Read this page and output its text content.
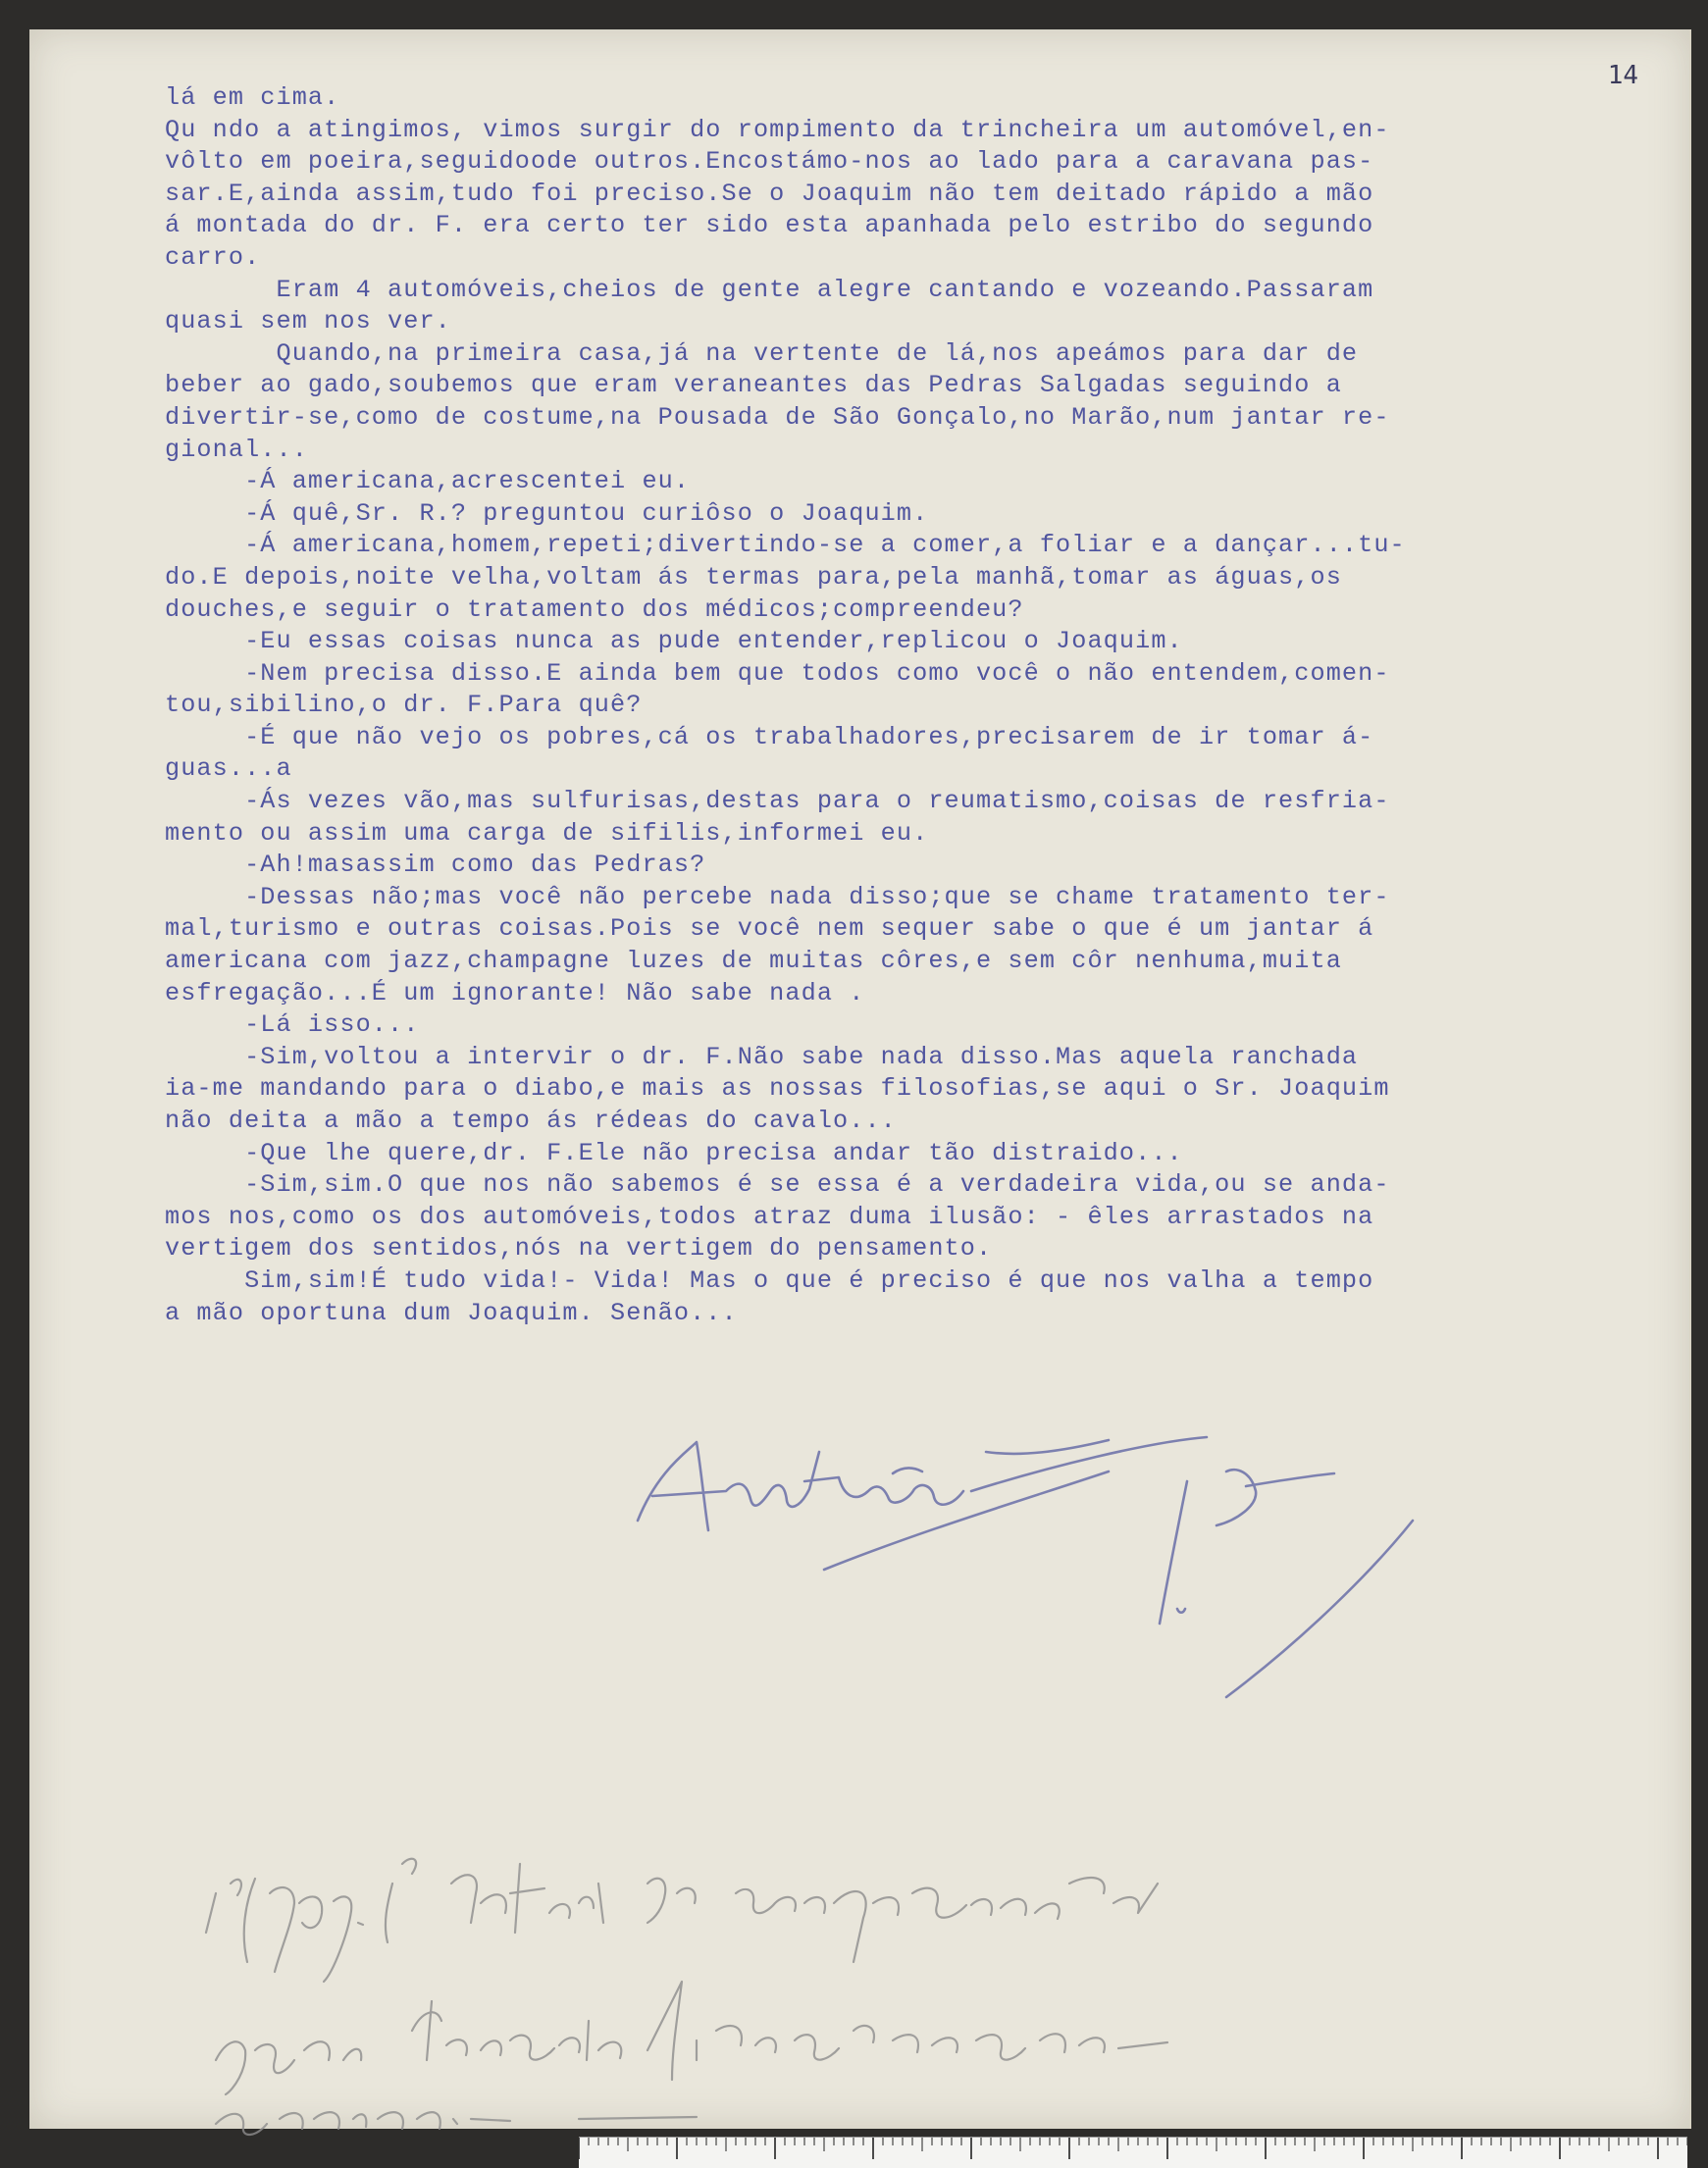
14
lá em cima.
Qu ndo a atingimos, vimos surgir do rompimento da trincheira um automóvel,en-
vôlto em poeira,seguidoode outros.Encostámo-nos ao lado para a caravana pas-
sar.E,ainda assim,tudo foi preciso.Se o Joaquim não tem deitado rápido a mão
á montada do dr. F. era certo ter sido esta apanhada pelo estribo do segundo
carro.
Eram 4 automóveis,cheios de gente alegre cantando e vozeando.Passaram
quasi sem nos ver.
Quando,na primeira casa,já na vertente de lá,nos apeámos para dar de
beber ao gado,soubemos que eram veraneantes das Pedras Salgadas seguindo a
divertir-se,como de costume,na Pousada de São Gonçalo,no Marão,num jantar re-
gional...
-Á americana,acrescentei eu.
-Á quê,Sr. R.? preguntou curiôso o Joaquim.
-Á americana,homem,repeti;divertindo-se a comer,a foliar e a dançar...tu-
do.E depois,noite velha,voltam ás termas para,pela manhã,tomar as águas,os
douches,e seguir o tratamento dos médicos;compreendeu?
-Eu essas coisas nunca as pude entender,replicou o Joaquim.
-Nem precisa disso.E ainda bem que todos como você o não entendem,comen-
tou,sibilino,o dr. F.Para quê?
-É que não vejo os pobres,cá os trabalhadores,precisarem de ir tomar á-
guas...a
-Ás vezes vão,mas sulfurisas,destas para o reumatismo,coisas de resfria-
mento ou assim uma carga de sifilis,informei eu.
-Ah!masassim como das Pedras?
-Dessas não;mas você não percebe nada disso;que se chame tratamento ter-
mal,turismo e outras coisas.Pois se você nem sequer sabe o que é um jantar á
americana com jazz,champagne luzes de muitas côres,e sem côr nenhuma,muita
esfregação...É um ignorante! Não sabe nada .
-Lá isso...
-Sim,voltou a intervir o dr. F.Não sabe nada disso.Mas aquela ranchada
ia-me mandando para o diabo,e mais as nossas filosofias,se aqui o Sr. Joaquim
não deita a mão a tempo ás rédeas do cavalo...
-Que lhe quere,dr. F.Ele não precisa andar tão distraido...
-Sim,sim.O que nos não sabemos é se essa é a verdadeira vida,ou se anda-
mos nos,como os dos automóveis,todos atraz duma ilusão: - êles arrastados na
vertigem dos sentidos,nós na vertigem do pensamento.
Sim,sim!É tudo vida!- Vida! Mas o que é preciso é que nos valha a tempo
a mão oportuna dum Joaquim. Senão...
